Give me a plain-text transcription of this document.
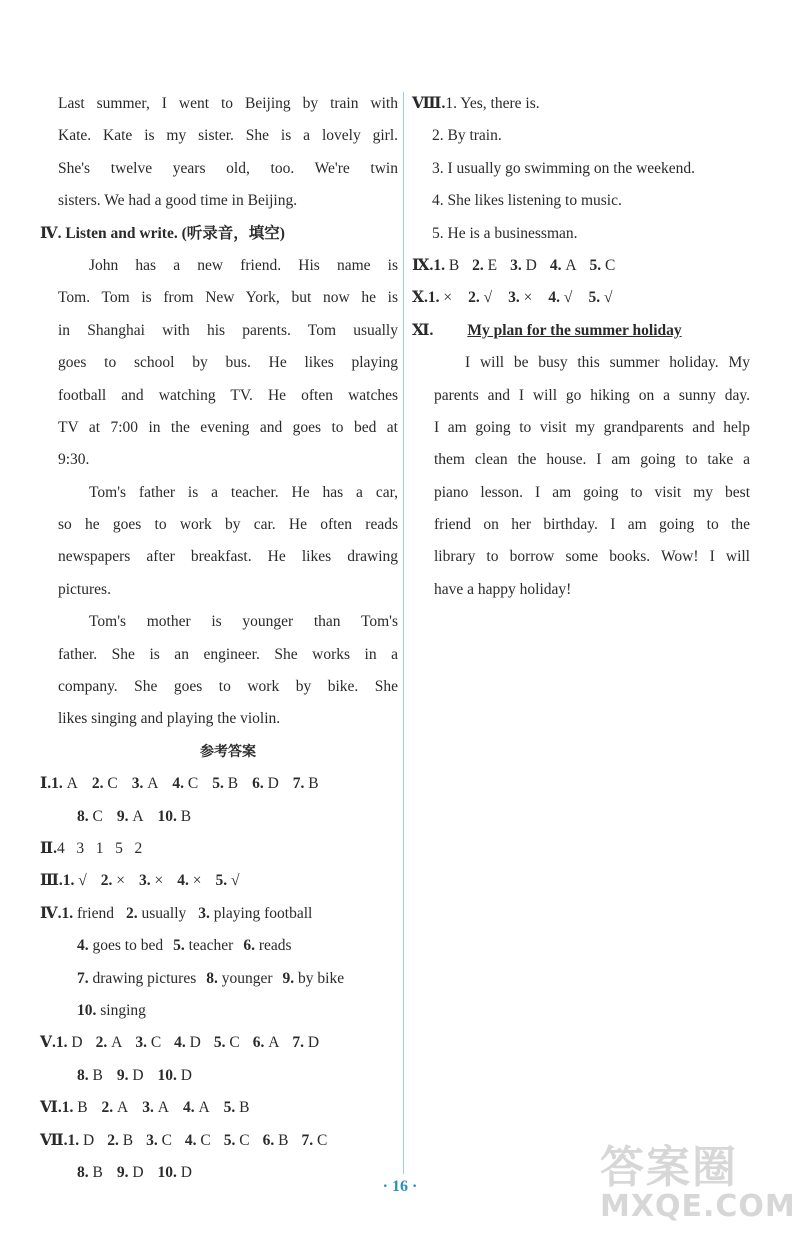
Last summer, I went to Beijing by train with
Kate. Kate is my sister. She is a lovely girl.
She's twelve years old, too. We're twin
sisters. We had a good time in Beijing.
Ⅳ. Listen and write. (听录音，填空)
John has a new friend. His name is
Tom. Tom is from New York, but now he is
in Shanghai with his parents. Tom usually
goes to school by bus. He likes playing
football and watching TV. He often watches
TV at 7:00 in the evening and goes to bed at
9:30.
Tom's father is a teacher. He has a car,
so he goes to work by car. He often reads
newspapers after breakfast. He likes drawing
pictures.
Tom's mother is younger than Tom's
father. She is an engineer. She works in a
company. She goes to work by bike. She
likes singing and playing the violin.
参考答案
Ⅰ.1. A 2. C 3. A 4. C 5. B 6. D 7. B
8. C 9. A 10. B
Ⅱ.4   3   1   5   2
Ⅲ.1. √ 2. × 3. × 4. × 5. √
Ⅳ.1. friend 2. usually 3. playing football
4. goes to bed 5. teacher 6. reads
7. drawing pictures 8. younger 9. by bike
10. singing
Ⅴ.1. D 2. A 3. C 4. D 5. C 6. A 7. D
8. B 9. D 10. D
Ⅵ.1. B 2. A 3. A 4. A 5. B
Ⅶ.1. D 2. B 3. C 4. C 5. C 6. B 7. C
8. B 9. D 10. D
Ⅷ.1. Yes, there is.
2. By train.
3. I usually go swimming on the weekend.
4. She likes listening to music.
5. He is a businessman.
Ⅸ.1. B 2. E 3. D 4. A 5. C
Ⅹ.1. × 2. √ 3. × 4. √ 5. √
Ⅺ. My plan for the summer holiday
I will be busy this summer holiday. My
parents and I will go hiking on a sunny day.
I am going to visit my grandparents and help
them clean the house. I am going to take a
piano lesson. I am going to visit my best
friend on her birthday. I am going to the
library to borrow some books. Wow! I will
have a happy holiday!
· 16 ·	答案圈
MXQE.COM
